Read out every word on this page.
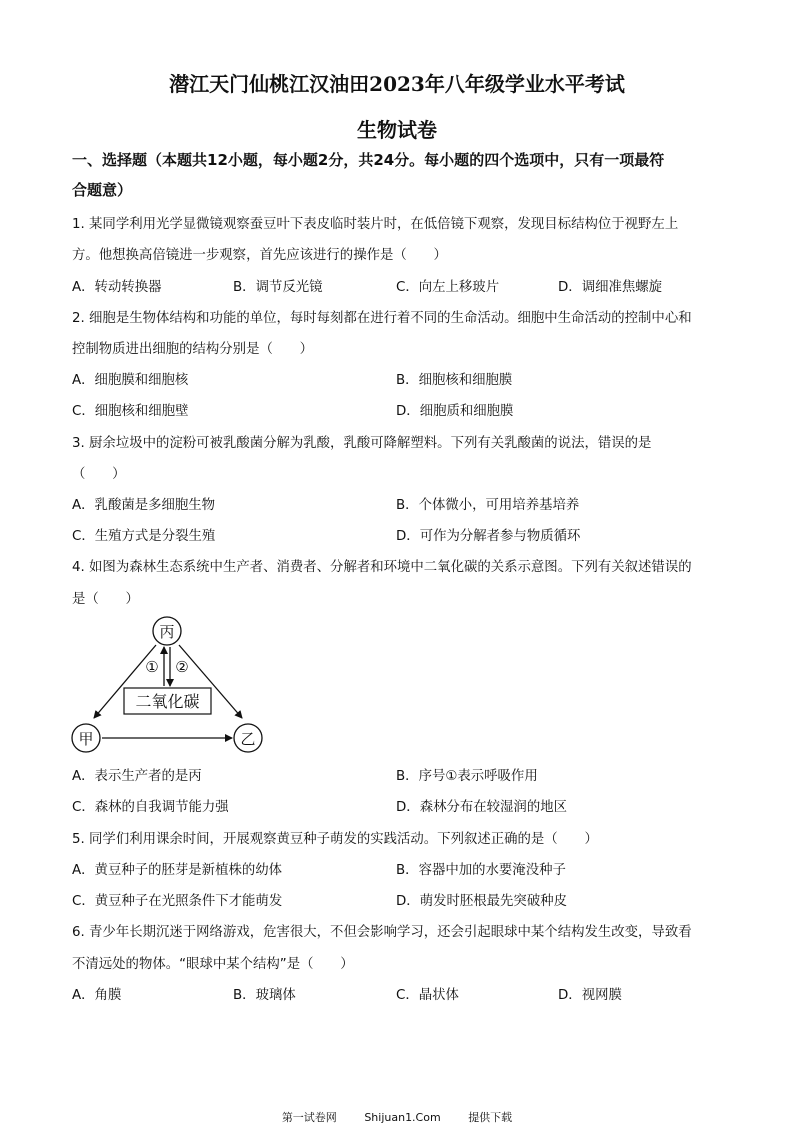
潜江天门仙桃江汉油田2023年八年级学业水平考试
生物试卷
一、选择题（本题共12小题，每小题2分，共24分。每小题的四个选项中，只有一项最符
合题意）
1. 某同学利用光学显微镜观察蚕豆叶下表皮临时装片时，在低倍镜下观察，发现目标结构位于视野左上
方。他想换高倍镜进一步观察，首先应该进行的操作是（　　）
A．转动转换器	B．调节反光镜	C．向左上移玻片	D．调细准焦螺旋
2. 细胞是生物体结构和功能的单位，每时每刻都在进行着不同的生命活动。细胞中生命活动的控制中心和
控制物质进出细胞的结构分别是（　　）
A．细胞膜和细胞核	B．细胞核和细胞膜
C．细胞核和细胞壁	D．细胞质和细胞膜
3. 厨余垃圾中的淀粉可被乳酸菌分解为乳酸，乳酸可降解塑料。下列有关乳酸菌的说法，错误的是
（　　）
A．乳酸菌是多细胞生物	B．个体微小，可用培养基培养
C．生殖方式是分裂生殖	D．可作为分解者参与物质循环
4. 如图为森林生态系统中生产者、消费者、分解者和环境中二氧化碳的关系示意图。下列有关叙述错误的
是（　　）
二氧化碳
① ②
丙
甲	乙
A．表示生产者的是丙	B．序号①表示呼吸作用
C．森林的自我调节能力强	D．森林分布在较湿润的地区
5. 同学们利用课余时间，开展观察黄豆种子萌发的实践活动。下列叙述正确的是（　　）
A．黄豆种子的胚芽是新植株的幼体	B．容器中加的水要淹没种子
C．黄豆种子在光照条件下才能萌发	D．萌发时胚根最先突破种皮
6. 青少年长期沉迷于网络游戏，危害很大，不但会影响学习，还会引起眼球中某个结构发生改变，导致看
不清远处的物体。“眼球中某个结构”是（　　）
A．角膜	B．玻璃体	C．晶状体	D．视网膜
第一试卷网	Shijuan1.Com	提供下载
